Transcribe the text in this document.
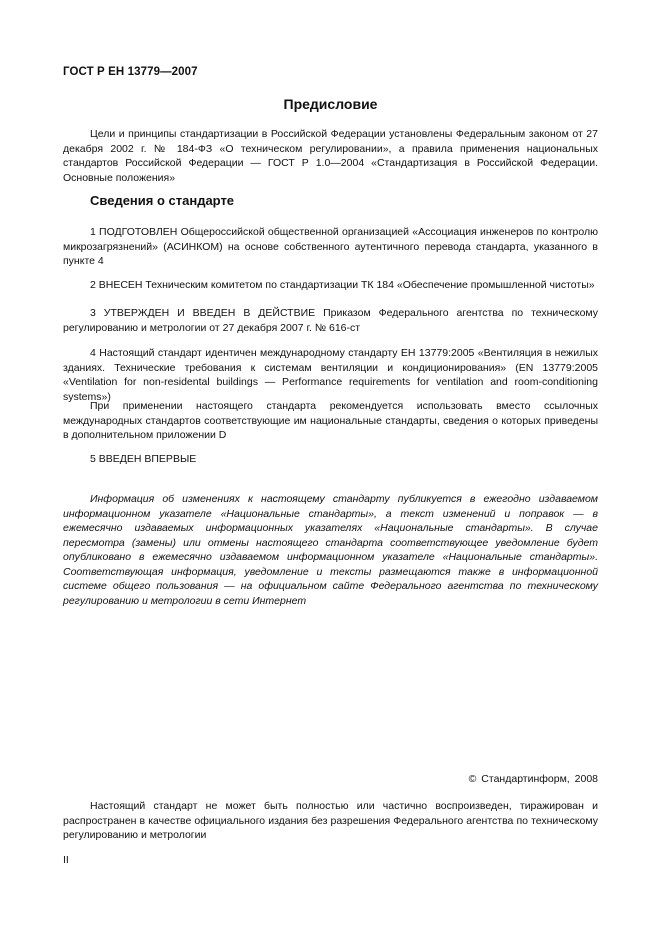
ГОСТ Р ЕН 13779—2007
Предисловие

Цели и принципы стандартизации в Российской Федерации установлены Федеральным законом от 27 декабря 2002 г. № 184-ФЗ «О техническом регулировании», а правила применения национальных стандартов Российской Федерации — ГОСТ Р 1.0—2004 «Стандартизация в Российской Федерации. Основные положения»

Сведения о стандарте

1 ПОДГОТОВЛЕН Общероссийской общественной организацией «Ассоциация инженеров по контролю микрозагрязнений» (АСИНКОМ) на основе собственного аутентичного перевода стандарта, указанного в пункте 4

2 ВНЕСЕН Техническим комитетом по стандартизации ТК 184 «Обеспечение промышленной чистоты»

3 УТВЕРЖДЕН И ВВЕДЕН В ДЕЙСТВИЕ Приказом Федерального агентства по техническому регулированию и метрологии от 27 декабря 2007 г. № 616-ст

4 Настоящий стандарт идентичен международному стандарту ЕН 13779:2005 «Вентиляция в нежилых зданиях. Технические требования к системам вентиляции и кондиционирования» (EN 13779:2005 «Ventilation for non-residental buildings — Performance requirements for ventilation and room-conditioning systems»)

При применении настоящего стандарта рекомендуется использовать вместо ссылочных международных стандартов соответствующие им национальные стандарты, сведения о которых приведены в дополнительном приложении D

5 ВВЕДЕН ВПЕРВЫЕ

Информация об изменениях к настоящему стандарту публикуется в ежегодно издаваемом информационном указателе «Национальные стандарты», а текст изменений и поправок — в ежемесячно издаваемых информационных указателях «Национальные стандарты». В случае пересмотра (замены) или отмены настоящего стандарта соответствующее уведомление будет опубликовано в ежемесячно издаваемом информационном указателе «Национальные стандарты». Соответствующая информация, уведомление и тексты размещаются также в информационной системе общего пользования — на официальном сайте Федерального агентства по техническому регулированию и метрологии в сети Интернет

© Стандартинформ, 2008

Настоящий стандарт не может быть полностью или частично воспроизведен, тиражирован и распространен в качестве официального издания без разрешения Федерального агентства по техническому регулированию и метрологии

II
